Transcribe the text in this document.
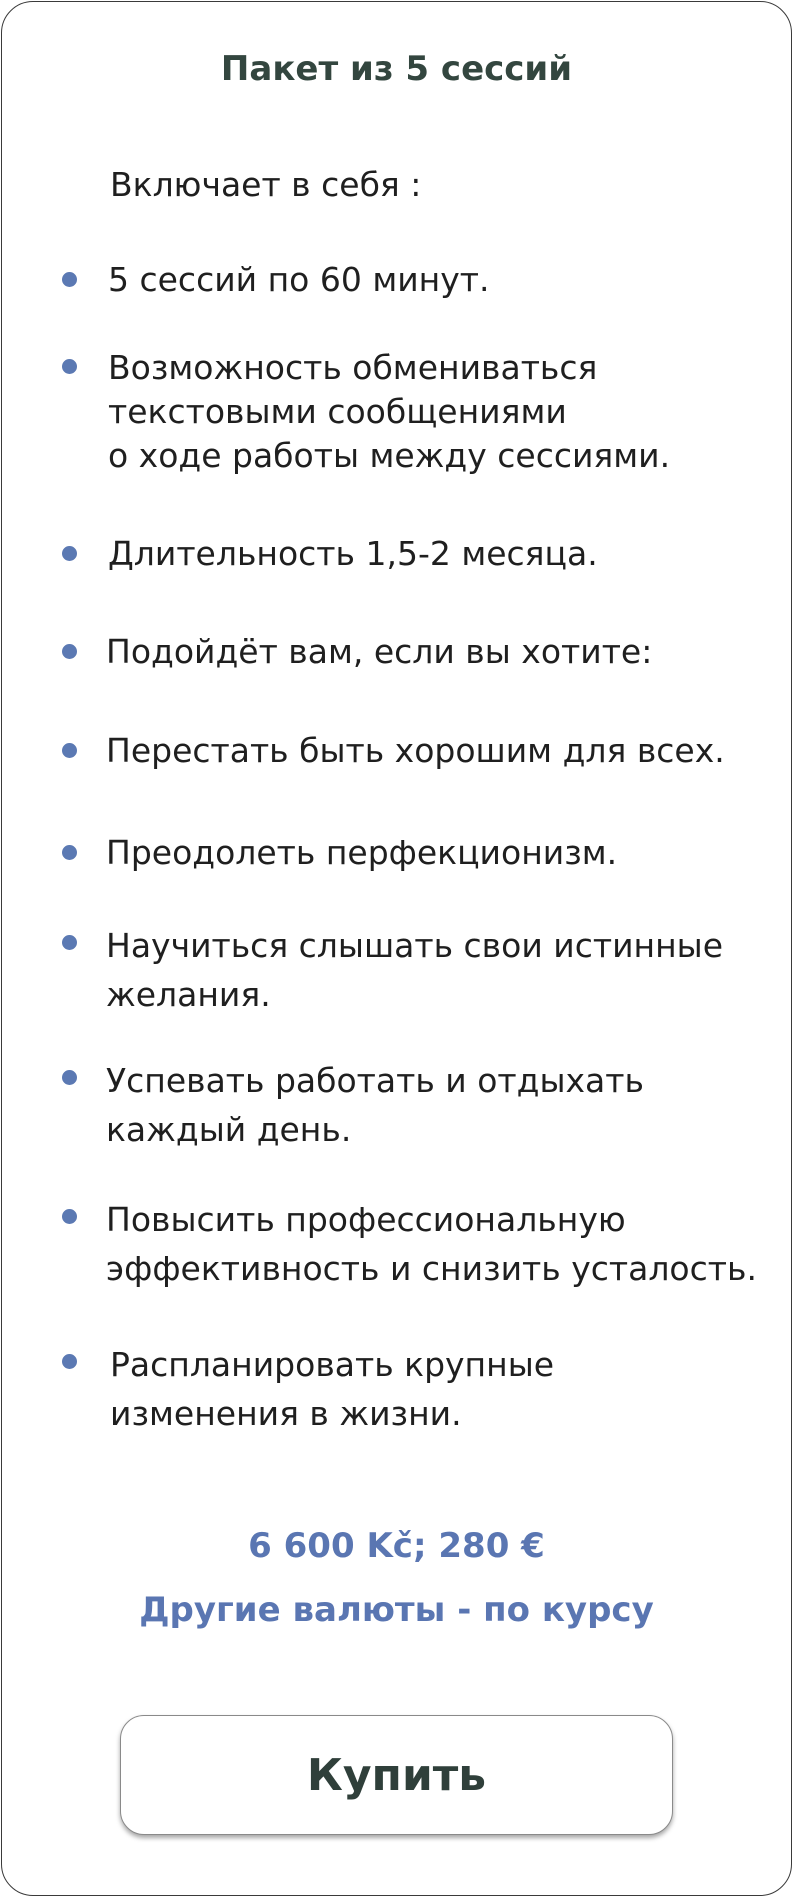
Пакет из 5 сессий
Включает в себя :

5 сессий по 60 минут.

Возможность обмениваться
текстовыми сообщениями
о ходе работы между сессиями.

Длительность 1,5-2 месяца.

Подойдёт вам, если вы хотите:

Перестать быть хорошим для всех.

Преодолеть перфекционизм.

Научиться слышать свои истинные
желания.

Успевать работать и отдыхать
каждый день.

Повысить профессиональную
эффективность и снизить усталость.

Распланировать крупные
изменения в жизни.

6 600 Kč; 280 €
Другие валюты - по курсу
Купить
